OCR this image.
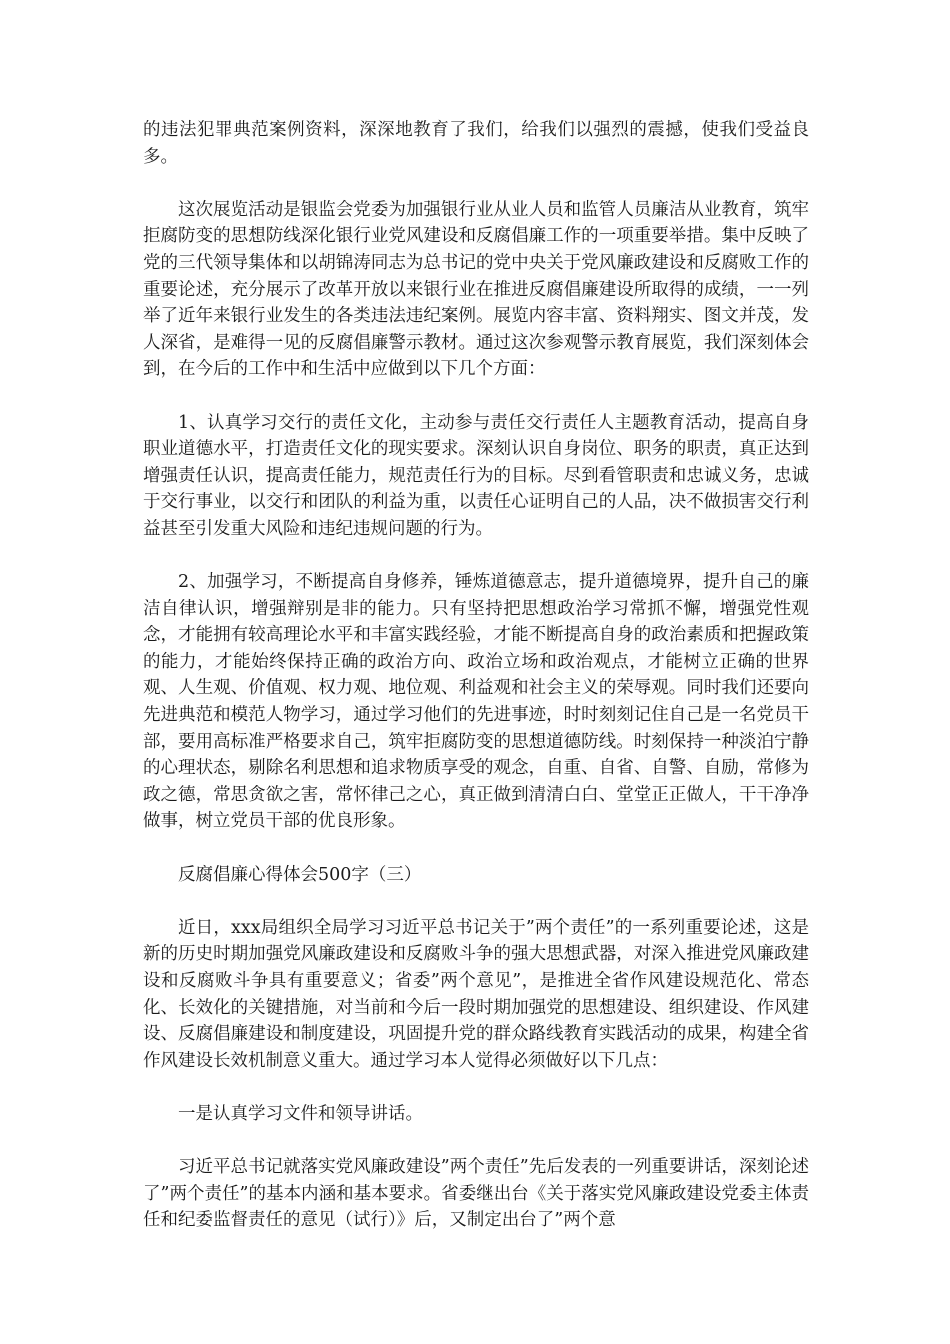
的违法犯罪典范案例资料，深深地教育了我们，给我们以强烈的震撼，使我们受益良多。

这次展览活动是银监会党委为加强银行业从业人员和监管人员廉洁从业教育，筑牢拒腐防变的思想防线深化银行业党风建设和反腐倡廉工作的一项重要举措。集中反映了党的三代领导集体和以胡锦涛同志为总书记的党中央关于党风廉政建设和反腐败工作的重要论述，充分展示了改革开放以来银行业在推进反腐倡廉建设所取得的成绩，一一列举了近年来银行业发生的各类违法违纪案例。展览内容丰富、资料翔实、图文并茂，发人深省，是难得一见的反腐倡廉警示教材。通过这次参观警示教育展览，我们深刻体会到，在今后的工作中和生活中应做到以下几个方面：

1、认真学习交行的责任文化，主动参与责任交行责任人主题教育活动，提高自身职业道德水平，打造责任文化的现实要求。深刻认识自身岗位、职务的职责，真正达到增强责任认识，提高责任能力，规范责任行为的目标。尽到看管职责和忠诚义务，忠诚于交行事业，以交行和团队的利益为重，以责任心证明自己的人品，决不做损害交行利益甚至引发重大风险和违纪违规问题的行为。

2、加强学习，不断提高自身修养，锤炼道德意志，提升道德境界，提升自己的廉洁自律认识，增强辩别是非的能力。只有坚持把思想政治学习常抓不懈，增强党性观念，才能拥有较高理论水平和丰富实践经验，才能不断提高自身的政治素质和把握政策的能力，才能始终保持正确的政治方向、政治立场和政治观点，才能树立正确的世界观、人生观、价值观、权力观、地位观、利益观和社会主义的荣辱观。同时我们还要向先进典范和模范人物学习，通过学习他们的先进事迹，时时刻刻记住自己是一名党员干部，要用高标准严格要求自己，筑牢拒腐防变的思想道德防线。时刻保持一种淡泊宁静的心理状态，剔除名利思想和追求物质享受的观念，自重、自省、自警、自励，常修为政之德，常思贪欲之害，常怀律己之心，真正做到清清白白、堂堂正正做人，干干净净做事，树立党员干部的优良形象。

反腐倡廉心得体会500字（三）

近日，xxx局组织全局学习习近平总书记关于”两个责任”的一系列重要论述，这是新的历史时期加强党风廉政建设和反腐败斗争的强大思想武器，对深入推进党风廉政建设和反腐败斗争具有重要意义；省委”两个意见”，是推进全省作风建设规范化、常态化、长效化的关键措施，对当前和今后一段时期加强党的思想建设、组织建设、作风建设、反腐倡廉建设和制度建设，巩固提升党的群众路线教育实践活动的成果，构建全省作风建设长效机制意义重大。通过学习本人觉得必须做好以下几点：

一是认真学习文件和领导讲话。

习近平总书记就落实党风廉政建设”两个责任”先后发表的一列重要讲话，深刻论述了”两个责任”的基本内涵和基本要求。省委继出台《关于落实党风廉政建设党委主体责任和纪委监督责任的意见（试行）》后，又制定出台了”两个意
